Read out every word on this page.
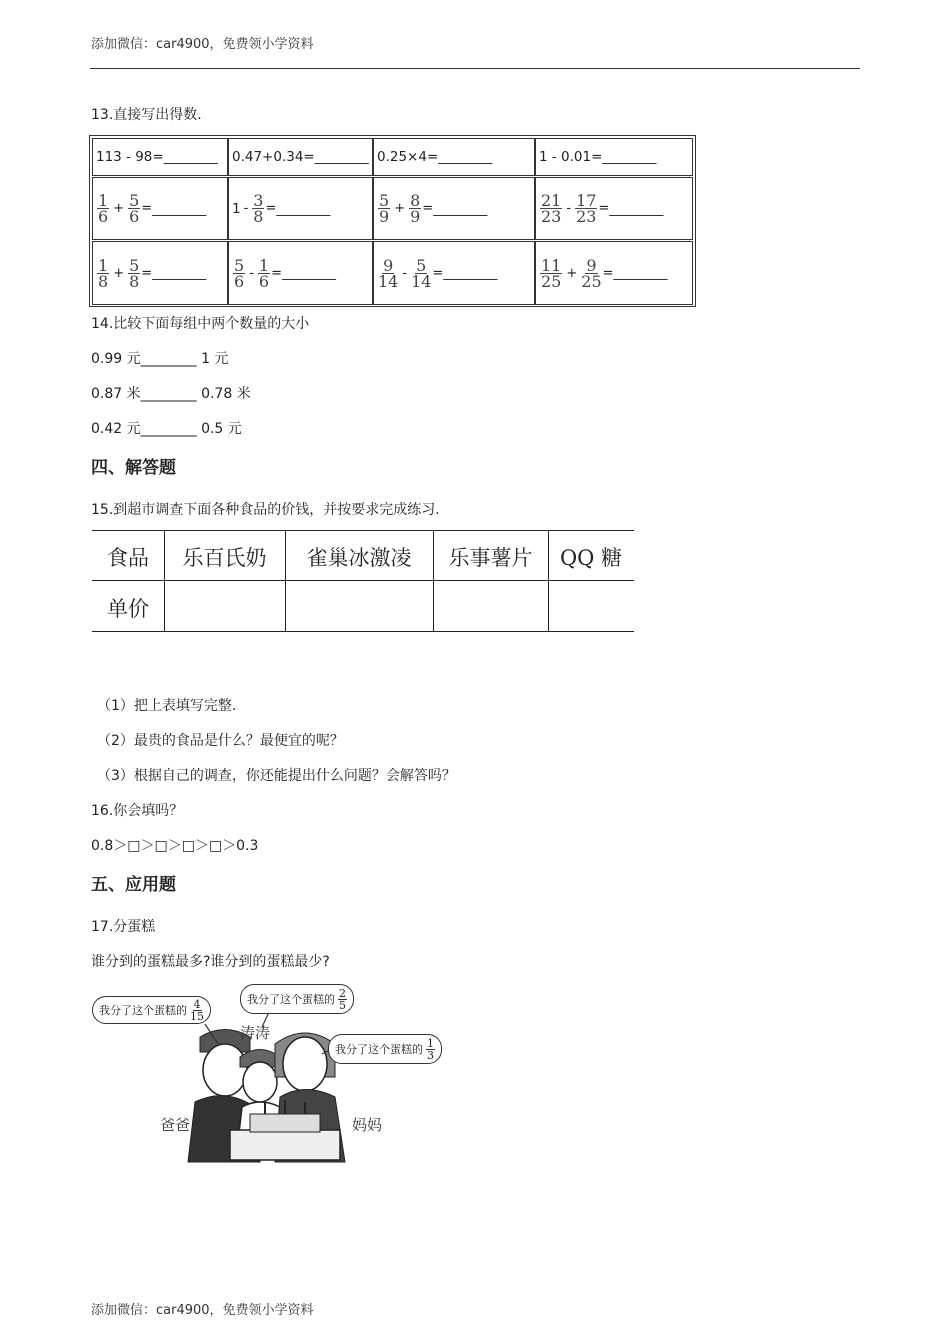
添加微信：car4900，免费领小学资料
13.直接写出得数.
113 - 98= ________ 0.47+0.34= ________ 0.25×4= ________	1 - 0.01= ________
$\frac{1}{6} + \frac{5}{6}$ = ________ $1 - \frac{3}{8}$ = ________	$\frac{5}{9} + \frac{8}{9}$ = ________	$\frac{21}{23} - \frac{17}{23}$ = ________
$\frac{1}{8} + \frac{5}{8}$ = ________ $\frac{5}{6} - \frac{1}{6}$ = ________	$\frac{9}{14} - \frac{5}{14}$ = ________	$\frac{11}{25} + \frac{9}{25}$ = ________
14.比较下面每组中两个数量的大小
0.99 元________ 1 元
0.87 米________ 0.78 米
0.42 元________ 0.5 元
四、解答题
15.到超市调查下面各种食品的价钱，并按要求完成练习.
食品	乐百氏奶	雀巢冰激凌	乐事薯片	QQ 糖
单价
（1）把上表填写完整.
（2）最贵的食品是什么？最便宜的呢？
（3）根据自己的调查，你还能提出什么问题？会解答吗？
16.你会填吗？
0.8＞□＞□＞□＞□＞0.3
五、应用题
17.分蛋糕
谁分到的蛋糕最多?谁分到的蛋糕最少?
我分了这个蛋糕的 4
15
我分了这个蛋糕的 2
5
我分了这个蛋糕的 1
3
涛涛
爸爸	妈妈
添加微信：car4900，免费领小学资料
